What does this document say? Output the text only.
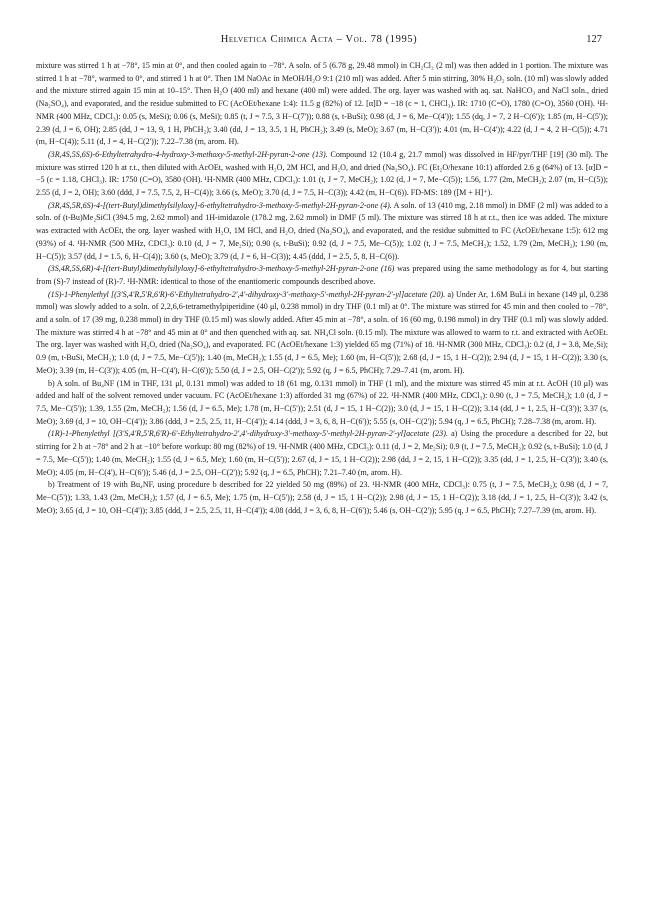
Helvetica Chimica Acta – Vol. 78 (1995)	127

mixture was stirred 1 h at −78°, 15 min at 0°, and then cooled again to −78°. A soln. of 5 (6.78 g, 29.48 mmol) in CH₂Cl₂ (2 ml) was then added in 1 portion. The mixture was stirred 1 h at −78°, warmed to 0°, and stirred 1 h at 0°. Then 1M NaOAc in MeOH/H₂O 9:1 (210 ml) was added. After 5 min stirring, 30% H₂O₂ soln. (10 ml) was slowly added and the mixture stirred again 15 min at 10–15°. Then H₂O (400 ml) and hexane (400 ml) were added. The org. layer was washed with aq. sat. NaHCO₃ and NaCl soln., dried (Na₂SO₄), and evaporated, and the residue submitted to FC (AcOEt/hexane 1:4): 11.5 g (82%) of 12. [α]D = −18 (c = 1, CHCl₃). IR: 1710 (C=O), 1780 (C=O), 3560 (OH). ¹H-NMR (400 MHz, CDCl₃): 0.05 (s, MeSi); 0.06 (s, MeSi); 0.85 (t, J = 7.5, 3 H−C(7')); 0.88 (s, t-BuSi); 0.98 (d, J = 6, Me−C(4')); 1.55 (dq, J = 7, 2 H−C(6')); 1.85 (m, H−C(5')); 2.39 (d, J = 6, OH); 2.85 (dd, J = 13, 9, 1 H, PhCH₂); 3.40 (dd, J = 13, 3.5, 1 H, PhCH₂); 3.49 (s, MeO); 3.67 (m, H−C(3')); 4.01 (m, H−C(4')); 4.22 (d, J = 4, 2 H−C(5)); 4.71 (m, H−C(4)); 5.11 (d, J = 4, H−C(2')); 7.22–7.38 (m, arom. H).

(3R,4S,5S,6S)-6-Ethyltetrahydro-4-hydroxy-3-methoxy-5-methyl-2H-pyran-2-one (13). Compound 12 (10.4 g, 21.7 mmol) was dissolved in HF/pyr/THF [19] (30 ml). The mixture was stirred 120 h at r.t., then diluted with AcOEt, washed with H₂O, 2M HCl, and H₂O, and dried (Na₂SO₄). FC (Et₂O/hexane 10:1) afforded 2.6 g (64%) of 13. [α]D = −5 (c = 1.18, CHCl₃). IR: 1750 (C=O), 3580 (OH). ¹H-NMR (400 MHz, CDCl₃): 1.01 (t, J = 7, MeCH₂); 1.02 (d, J = 7, Me−C(5)); 1.56, 1.77 (2m, MeCH₂); 2.07 (m, H−C(5)); 2.55 (d, J = 2, OH); 3.60 (ddd, J = 7.5, 7.5, 2, H−C(4)); 3.66 (s, MeO); 3.70 (d, J = 7.5, H−C(3)); 4.42 (m, H−C(6)). FD-MS: 189 ([M + H]⁺).

(3R,4S,5R,6S)-4-[(tert-Butyl)dimethylsilyloxy]-6-ethyltetrahydro-3-methoxy-5-methyl-2H-pyran-2-one (4). A soln. of 13 (410 mg, 2.18 mmol) in DMF (2 ml) was added to a soln. of (t-Bu)Me₂SiCl (394.5 mg, 2.62 mmol) and 1H-imidazole (178.2 mg, 2.62 mmol) in DMF (5 ml). The mixture was stirred 18 h at r.t., then ice was added. The mixture was extracted with AcOEt, the org. layer washed with H₂O, 1M HCl, and H₂O, dried (Na₂SO₄), and evaporated, and the residue submitted to FC (AcOEt/hexane 1:5): 612 mg (93%) of 4. ¹H-NMR (500 MHz, CDCl₃): 0.10 (d, J = 7, Me₂Si); 0.90 (s, t-BuSi); 0.92 (d, J = 7.5, Me−C(5)); 1.02 (t, J = 7.5, MeCH₂); 1.52, 1.79 (2m, MeCH₂); 1.90 (m, H−C(5)); 3.57 (dd, J = 1.5, 6, H−C(4)); 3.60 (s, MeO); 3.79 (d, J = 6, H−C(3)); 4.45 (ddd, J = 2.5, 5, 8, H−C(6)).

(3S,4R,5S,6R)-4-[(tert-Butyl)dimethylsilyloxy]-6-ethyltetrahydro-3-methoxy-5-methyl-2H-pyran-2-one (16) was prepared using the same methodology as for 4, but starting from (S)-7 instead of (R)-7. ¹H-NMR: identical to those of the enantiomeric compounds described above.

(1S)-1-Phenylethyl [(3'S,4'R,5'R,6'R)-6'-Ethyltetrahydro-2',4'-dihydroxy-3'-methoxy-5'-methyl-2H-pyran-2'-yl]acetate (20). a) Under Ar, 1.6M BuLi in hexane (149 μl, 0.238 mmol) was slowly added to a soln. of 2,2,6,6-tetramethylpiperidine (40 μl, 0.238 mmol) in dry THF (0.1 ml) at 0°. The mixture was stirred for 45 min and then cooled to −78°, and a soln. of 17 (39 mg, 0.238 mmol) in dry THF (0.15 ml) was slowly added. After 45 min at −78°, a soln. of 16 (60 mg, 0.198 mmol) in dry THF (0.1 ml) was slowly added. The mixture was stirred 4 h at −78° and 45 min at 0° and then quenched with aq. sat. NH₄Cl soln. (0.15 ml). The mixture was allowed to warm to r.t. and extracted with AcOEt. The org. layer was washed with H₂O, dried (Na₂SO₄), and evaporated. FC (AcOEt/hexane 1:3) yielded 65 mg (71%) of 18. ¹H-NMR (300 MHz, CDCl₃): 0.2 (d, J = 3.8, Me₂Si); 0.9 (m, t-BuSi, MeCH₂); 1.0 (d, J = 7.5, Me−C(5')); 1.40 (m, MeCH₂); 1.55 (d, J = 6.5, Me); 1.60 (m, H−C(5')); 2.68 (d, J = 15, 1 H−C(2)); 2.94 (d, J = 15, 1 H−C(2)); 3.30 (s, MeO); 3.39 (m, H−C(3')); 4.05 (m, H−C(4'), H−C(6')); 5.50 (d, J = 2.5, OH−C(2')); 5.92 (q, J = 6.5, PhCH); 7.29–7.41 (m, arom. H).

b) A soln. of Bu₄NF (1M in THF, 131 μl, 0.131 mmol) was added to 18 (61 mg, 0.131 mmol) in THF (1 ml), and the mixture was stirred 45 min at r.t. AcOH (10 μl) was added and half of the solvent removed under vacuum. FC (AcOEt/hexane 1:3) afforded 31 mg (67%) of 22. ¹H-NMR (400 MHz, CDCl₃): 0.90 (t, J = 7.5, MeCH₂); 1.0 (d, J = 7.5, Me−C(5')); 1.39, 1.55 (2m, MeCH₂); 1.56 (d, J = 6.5, Me); 1.78 (m, H−C(5')); 2.51 (d, J = 15, 1 H−C(2)); 3.0 (d, J = 15, 1 H−C(2)); 3.14 (dd, J = 1, 2.5, H−C(3')); 3.37 (s, MeO); 3.69 (d, J = 10, OH−C(4')); 3.86 (ddd, J = 2.5, 2.5, 11, H−C(4')); 4.14 (ddd, J = 3, 6, 8, H−C(6')); 5.55 (s, OH−C(2')); 5.94 (q, J = 6.5, PhCH); 7.28–7.38 (m, arom. H).

(1R)-1-Phenylethyl [(3'S,4'R,5'R,6'R)-6'-Ethyltetrahydro-2',4'-dihydroxy-3'-methoxy-5'-methyl-2H-pyran-2'-yl]acetate (23). a) Using the procedure a described for 22, but stirring for 2 h at −78° and 2 h at −10° before workup: 80 mg (82%) of 19. ¹H-NMR (400 MHz, CDCl₃): 0.11 (d, J = 2, Me₂Si); 0.9 (t, J = 7.5, MeCH₂); 0.92 (s, t-BuSi); 1.0 (d, J = 7.5, Me−C(5')); 1.40 (m, MeCH₂); 1.55 (d, J = 6.5, Me); 1.60 (m, H−C(5')); 2.67 (d, J = 15, 1 H−C(2)); 2.98 (dd, J = 2, 15, 1 H−C(2)); 3.35 (dd, J = 1, 2.5, H−C(3')); 3.40 (s, MeO); 4.05 (m, H−C(4'), H−C(6')); 5.46 (d, J = 2.5, OH−C(2')); 5.92 (q, J = 6.5, PhCH); 7.21–7.40 (m, arom. H).

b) Treatment of 19 with Bu₄NF, using procedure b described for 22 yielded 50 mg (89%) of 23. ¹H-NMR (400 MHz, CDCl₃): 0.75 (t, J = 7.5, MeCH₂); 0.98 (d, J = 7, Me−C(5')); 1.33, 1.43 (2m, MeCH₂); 1.57 (d, J = 6.5, Me); 1.75 (m, H−C(5')); 2.58 (d, J = 15, 1 H−C(2)); 2.98 (d, J = 15, 1 H−C(2)); 3.18 (dd, J = 1, 2.5, H−C(3')); 3.42 (s, MeO); 3.65 (d, J = 10, OH−C(4')); 3.85 (ddd, J = 2.5, 2.5, 11, H−C(4')); 4.08 (ddd, J = 3, 6, 8, H−C(6')); 5.46 (s, OH−C(2')); 5.95 (q, J = 6.5, PhCH); 7.27–7.39 (m, arom. H).
